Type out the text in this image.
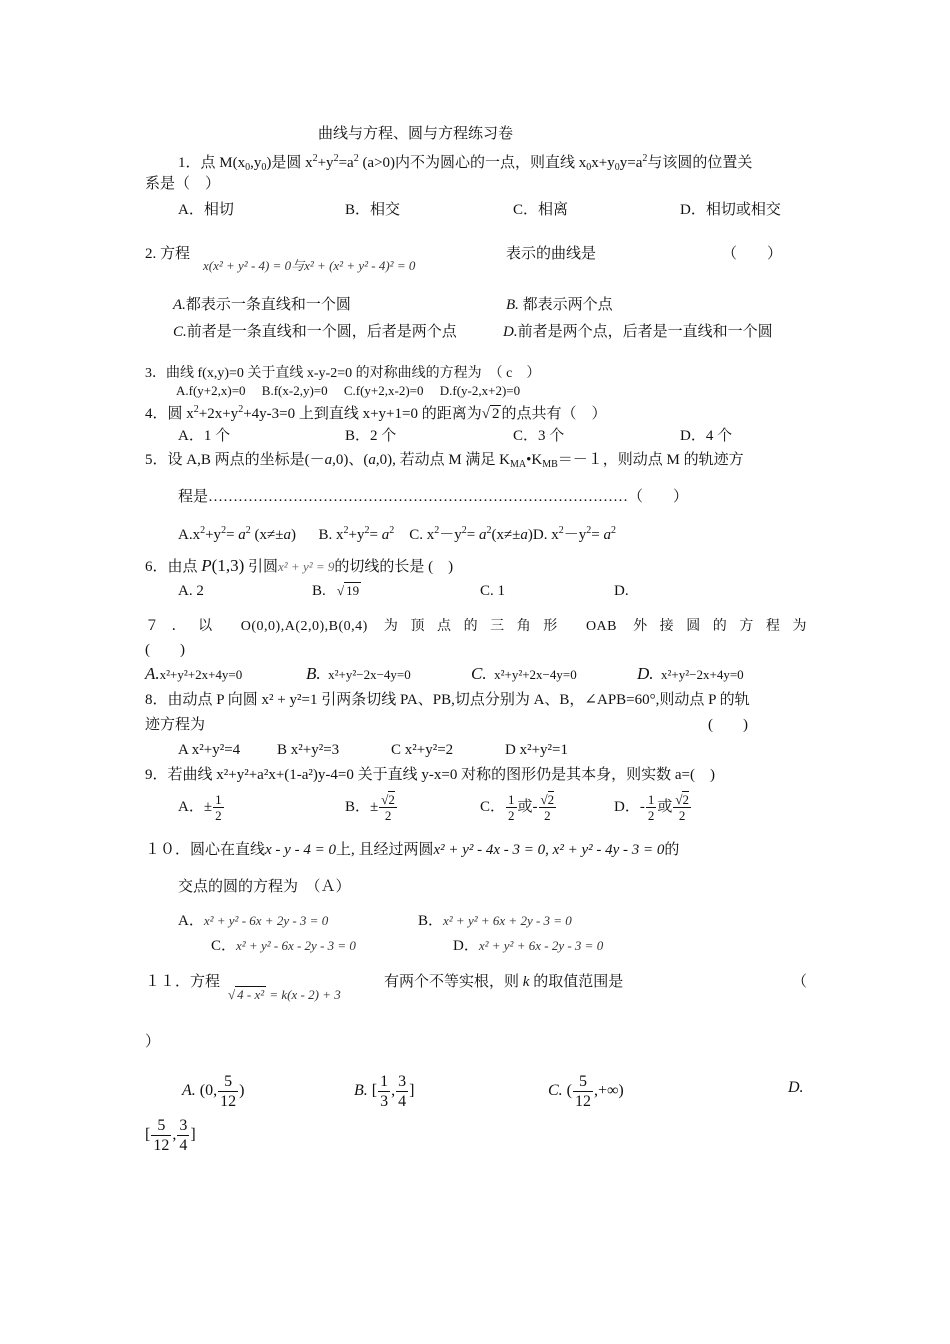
曲线与方程、圆与方程练习卷
1．点 $M(x_0,y_0)$是圆 $x^2+y^2=a^2$ (a>0)内不为圆心的一点，则直线 $x_0x+y_0y=a^2$与该圆的位置关
系是（　）
A．相切	B．相交	C．相离	D．相切或相交
2. 方程
x(x² + y² - 4) = 0与x² + (x² + y² - 4)² = 0
表示的曲线是	（　　）
A.都表示一条直线和一个圆	B. 都表示两个点
C.前者是一条直线和一个圆，后者是两个点	D.前者是两个点，后者是一直线和一个圆
3．曲线 f(x,y)=0 关于直线 x-y-2=0 的对称曲线的方程为　（ c　）
A.f(y+2,x)=0　 B.f(x-2,y)=0　 C.f(y+2,x-2)=0　 D.f(y-2,x+2)=0
4．圆 $x^2+2x+y^2+4y-3=0$ 上到直线 x+y+1=0 的距离为√ 2 的点共有（　）
A．1 个	B．2 个	C．3 个	D．4 个
5．设 A,B 两点的坐标是(－a,0)、(a,0), 若动点 M 满足 $K_{MA}•K_{MB}=-1$，则动点 M 的轨迹方
程是…………………………………………………………………………（　　）
$A.x^2+y^2= a^2$ (x≠±a) B. $x^2+y^2= a^2$ C. $x^2-y^2= a^2(x\ne\pm a)D$. $x^2-y^2= a^2$
6．由点 P(1,3) 引圆x² + y² = 9的切线的长是 (　)
A. 2	B. √ 19	C. 1	D.
７．以 O(0,0),A(2,0),B(0,4) 为顶点的三角形 OAB 外接圆的方程为
(　　)
A.x²+y²+2x+4y=0	B. x²+y²−2x−4y=0	C. x²+y²+2x−4y=0	D. x²+y²−2x+4y=0
8．由动点 P 向圆 x² + y²=1 引两条切线 PA、PB,切点分别为 A、B，∠APB=60°,则动点 P 的轨
迹方程为	(　　)
A x²+y²=4 B x²+y²=3	C x²+y²=2	D x²+y²=1
9．若曲线 x²+y²+a²x+(1-a²)y-4=0 关于直线 y-x=0 对称的图形仍是其本身，则实数 a=(　)
A．± $\frac{1}{2}$	B．± $\frac{√2}{2}$	C． $\frac{1}{2}$ 或- $\frac{√2}{2}$	D．- $\frac{1}{2}$ 或 $\frac{√2}{2}$
１０．圆心在直线x - y - 4 = 0上, 且经过两圆x² + y² - 4x - 3 = 0, x² + y² - 4y - 3 = 0的
交点的圆的方程为　（Ａ）
A．x² + y² - 6x + 2y - 3 = 0	B．x² + y² + 6x + 2y - 3 = 0
C．x² + y² - 6x - 2y - 3 = 0	D．x² + y² + 6x - 2y - 3 = 0
１１．方程
√ 4 - x² = k(x - 2) + 3
有两个不等实根，则 k 的取值范围是	（
）
A. (0, $\frac{5}{12}$ )	B. [ $\frac{1}{3}$ , $\frac{3}{4}$ ]	C. ( $\frac{5}{12}$ ,+∞)	D.
[ $\frac{5}{12}$ , $\frac{3}{4}$ ]
